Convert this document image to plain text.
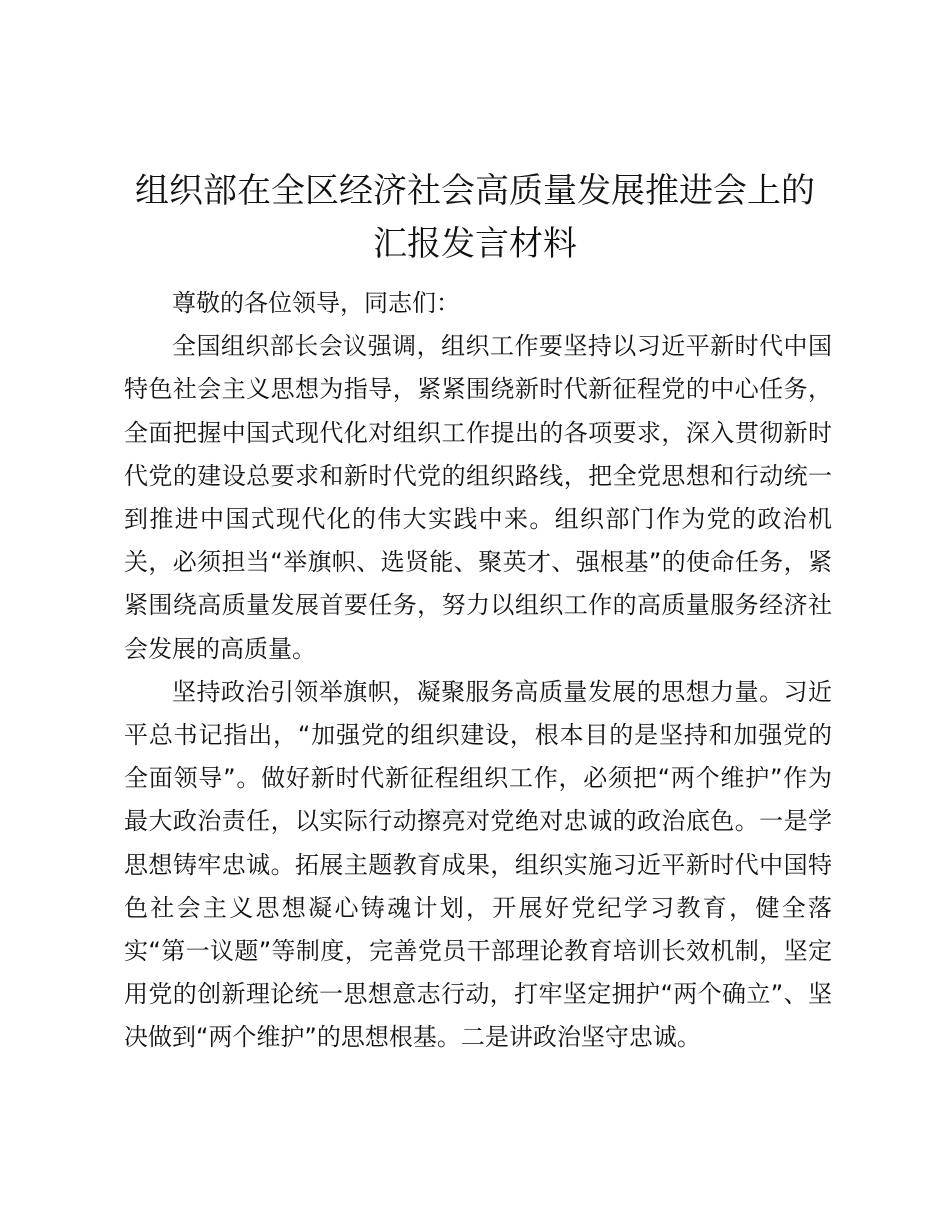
组织部在全区经济社会高质量发展推进会上的汇报发言材料

尊敬的各位领导，同志们：

全国组织部长会议强调，组织工作要坚持以习近平新时代中国特色社会主义思想为指导，紧紧围绕新时代新征程党的中心任务，全面把握中国式现代化对组织工作提出的各项要求，深入贯彻新时代党的建设总要求和新时代党的组织路线，把全党思想和行动统一到推进中国式现代化的伟大实践中来。组织部门作为党的政治机关，必须担当“举旗帜、选贤能、聚英才、强根基”的使命任务，紧紧围绕高质量发展首要任务，努力以组织工作的高质量服务经济社会发展的高质量。

坚持政治引领举旗帜，凝聚服务高质量发展的思想力量。习近平总书记指出，“加强党的组织建设，根本目的是坚持和加强党的全面领导”。做好新时代新征程组织工作，必须把“两个维护”作为最大政治责任，以实际行动擦亮对党绝对忠诚的政治底色。一是学思想铸牢忠诚。拓展主题教育成果，组织实施习近平新时代中国特色社会主义思想凝心铸魂计划，开展好党纪学习教育，健全落实“第一议题”等制度，完善党员干部理论教育培训长效机制，坚定用党的创新理论统一思想意志行动，打牢坚定拥护“两个确立”、坚决做到“两个维护”的思想根基。二是讲政治坚守忠诚。
